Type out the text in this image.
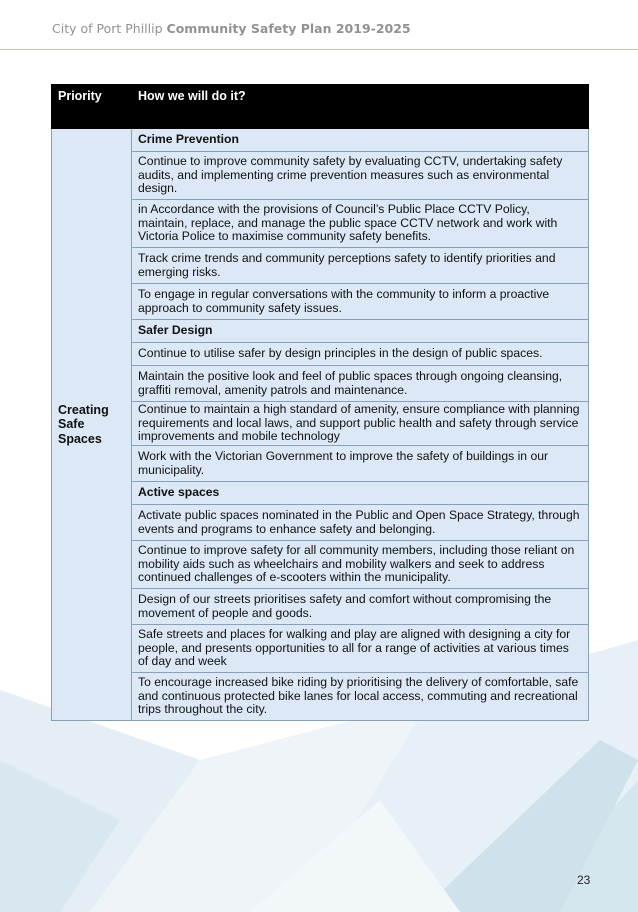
City of Port Phillip Community Safety Plan 2019-2025
Priority	How we will do it?
Creating Safe Spaces	Crime Prevention
	Continue to improve community safety by evaluating CCTV, undertaking safety audits, and implementing crime prevention measures such as environmental design.
	in Accordance with the provisions of Council’s Public Place CCTV Policy, maintain, replace, and manage the public space CCTV network and work with Victoria Police to maximise community safety benefits.
	Track crime trends and community perceptions safety to identify priorities and emerging risks.
	To engage in regular conversations with the community to inform a proactive approach to community safety issues.
	Safer Design
	Continue to utilise safer by design principles in the design of public spaces.
	Maintain the positive look and feel of public spaces through ongoing cleansing, graffiti removal, amenity patrols and maintenance.
	Continue to maintain a high standard of amenity, ensure compliance with planning requirements and local laws, and support public health and safety through service improvements and mobile technology
	Work with the Victorian Government to improve the safety of buildings in our municipality.
	Active spaces
	Activate public spaces nominated in the Public and Open Space Strategy, through events and programs to enhance safety and belonging.
	Continue to improve safety for all community members, including those reliant on mobility aids such as wheelchairs and mobility walkers and seek to address continued challenges of e-scooters within the municipality.
	Design of our streets prioritises safety and comfort without compromising the movement of people and goods.
	Safe streets and places for walking and play are aligned with designing a city for people, and presents opportunities to all for a range of activities at various times of day and week
	To encourage increased bike riding by prioritising the delivery of comfortable, safe and continuous protected bike lanes for local access, commuting and recreational trips throughout the city.
23
